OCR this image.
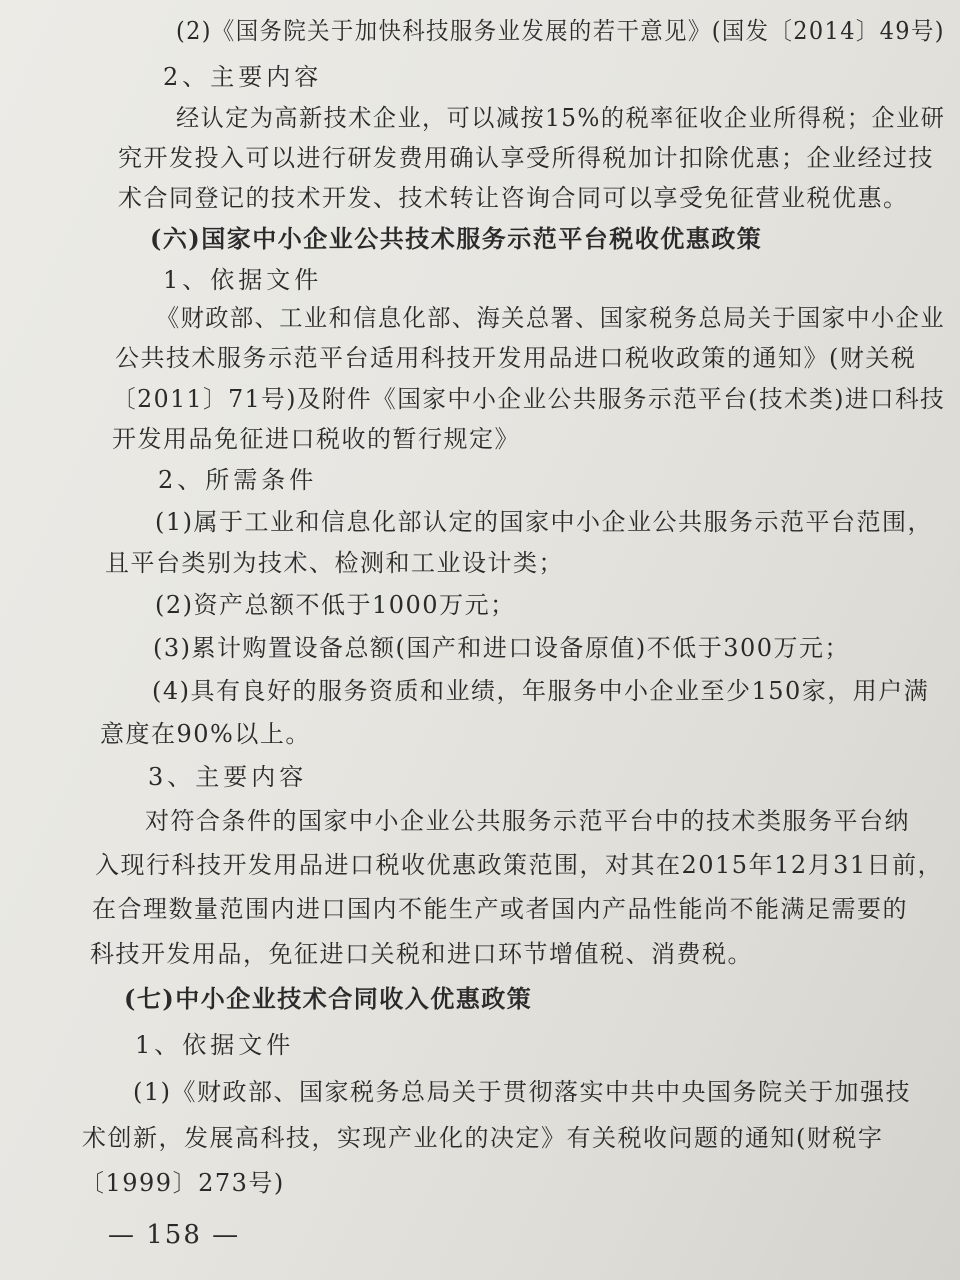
(2)《国务院关于加快科技服务业发展的若干意见》(国发〔2014〕49号)
2、主要内容
经认定为高新技术企业，可以减按15%的税率征收企业所得税；企业研
究开发投入可以进行研发费用确认享受所得税加计扣除优惠；企业经过技
术合同登记的技术开发、技术转让咨询合同可以享受免征营业税优惠。
(六)国家中小企业公共技术服务示范平台税收优惠政策
1、依据文件
《财政部、工业和信息化部、海关总署、国家税务总局关于国家中小企业
公共技术服务示范平台适用科技开发用品进口税收政策的通知》(财关税
〔2011〕71号)及附件《国家中小企业公共服务示范平台(技术类)进口科技
开发用品免征进口税收的暂行规定》
2、所需条件
(1)属于工业和信息化部认定的国家中小企业公共服务示范平台范围，
且平台类别为技术、检测和工业设计类；
(2)资产总额不低于1000万元；
(3)累计购置设备总额(国产和进口设备原值)不低于300万元；
(4)具有良好的服务资质和业绩，年服务中小企业至少150家，用户满
意度在90%以上。
3、主要内容
对符合条件的国家中小企业公共服务示范平台中的技术类服务平台纳
入现行科技开发用品进口税收优惠政策范围，对其在2015年12月31日前，
在合理数量范围内进口国内不能生产或者国内产品性能尚不能满足需要的
科技开发用品，免征进口关税和进口环节增值税、消费税。
(七)中小企业技术合同收入优惠政策
1、依据文件
(1)《财政部、国家税务总局关于贯彻落实中共中央国务院关于加强技
术创新，发展高科技，实现产业化的决定》有关税收问题的通知(财税字
〔1999〕273号)
— 158 —
